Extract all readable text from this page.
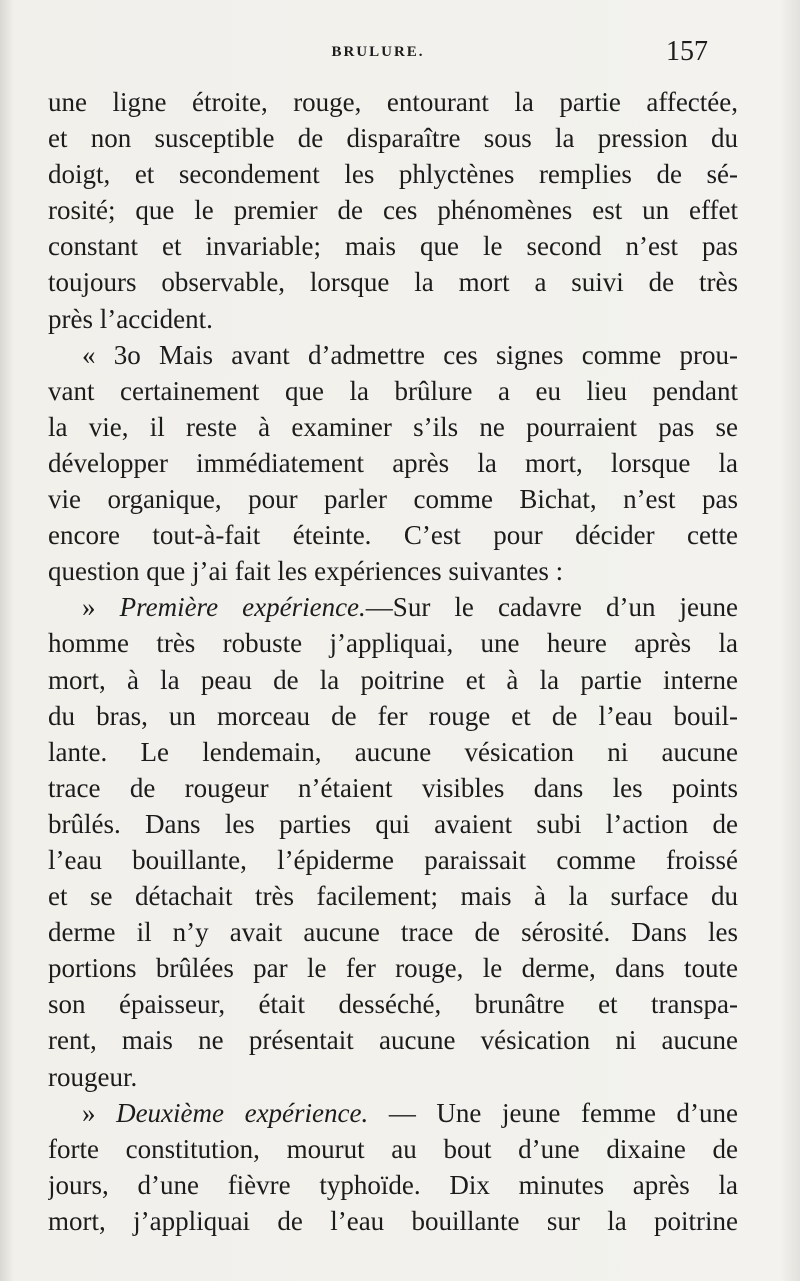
BRULURE.	157
une ligne étroite, rouge, entourant la partie affectée,
et non susceptible de disparaître sous la pression du
doigt, et secondement les phlyctènes remplies de sé-
rosité; que le premier de ces phénomènes est un effet
constant et invariable; mais que le second n’est pas
toujours observable, lorsque la mort a suivi de très
près l’accident.
« 3o Mais avant d’admettre ces signes comme prou-
vant certainement que la brûlure a eu lieu pendant
la vie, il reste à examiner s’ils ne pourraient pas se
développer immédiatement après la mort, lorsque la
vie organique, pour parler comme Bichat, n’est pas
encore tout-à-fait éteinte. C’est pour décider cette
question que j’ai fait les expériences suivantes :
» Première expérience.—Sur le cadavre d’un jeune
homme très robuste j’appliquai, une heure après la
mort, à la peau de la poitrine et à la partie interne
du bras, un morceau de fer rouge et de l’eau bouil-
lante. Le lendemain, aucune vésication ni aucune
trace de rougeur n’étaient visibles dans les points
brûlés. Dans les parties qui avaient subi l’action de
l’eau bouillante, l’épiderme paraissait comme froissé
et se détachait très facilement; mais à la surface du
derme il n’y avait aucune trace de sérosité. Dans les
portions brûlées par le fer rouge, le derme, dans toute
son épaisseur, était desséché, brunâtre et transpa-
rent, mais ne présentait aucune vésication ni aucune
rougeur.
» Deuxième expérience. — Une jeune femme d’une
forte constitution, mourut au bout d’une dixaine de
jours, d’une fièvre typhoïde. Dix minutes après la
mort, j’appliquai de l’eau bouillante sur la poitrine
